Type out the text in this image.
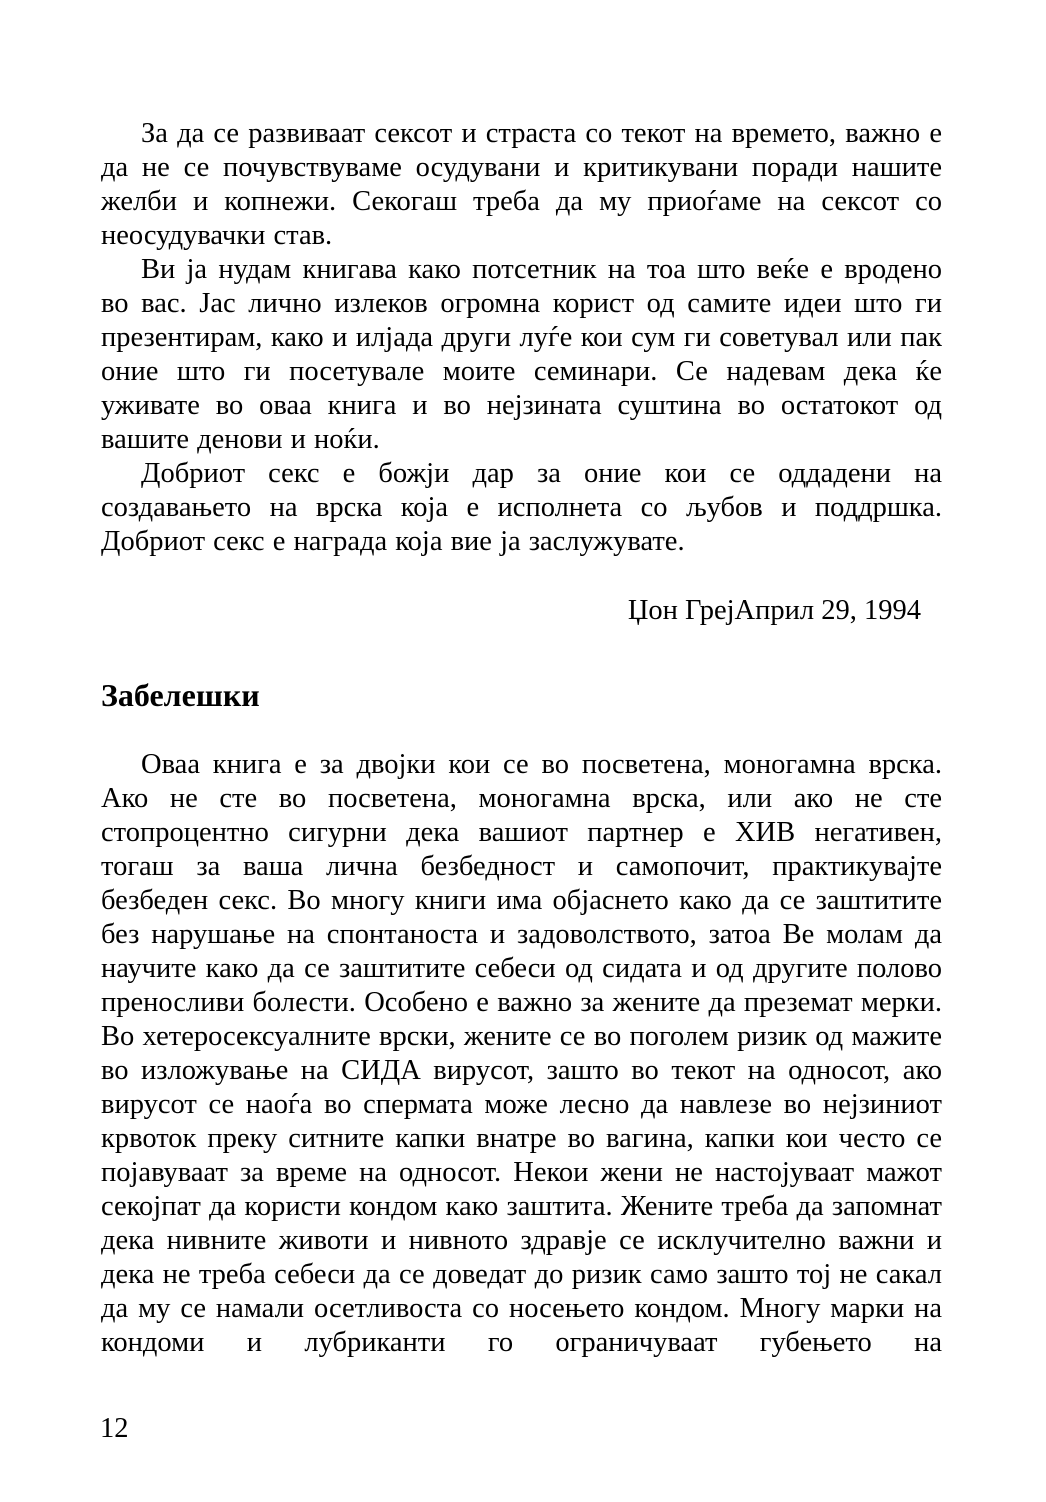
За да се развиваат сексот и страста со текот на времето, важно е да не се почувствуваме осудувани и критикувани поради нашите желби и копнежи. Секогаш треба да му приоѓаме на сексот со неосудувачки став.

Ви ја нудам книгава како потсетник на тоа што веќе е вродено во вас. Јас лично излеков огромна корист од самите идеи што ги презентирам, како и илјада други луѓе кои сум ги советувал или пак оние што ги посетувале моите семинари. Се надевам дека ќе уживате во оваа книга и во нејзината суштина во остатокот од вашите денови и ноќи.

Добриот секс е божји дар за оние кои се оддадени на создавањето на врска која е исполнета со љубов и поддршка. Добриот секс е награда која вие ја заслужувате.

Џон ГрејАприл 29, 1994

Забелешки

Оваа книга е за двојки кои се во посветена, моногамна врска. Ако не сте во посветена, моногамна врска, или ако не сте стопроцентно сигурни дека вашиот партнер е ХИВ негативен, тогаш за ваша лична безбедност и самопочит, практикувајте безбеден секс. Во многу книги има објаснето како да се заштитите без нарушање на спонтаноста и задоволството, затоа Ве молам да научите како да се заштитите себеси од сидата и од другите полово преносливи болести. Особено е важно за жените да преземат мерки. Во хетеросексуалните врски, жените се во поголем ризик од мажите во изложување на СИДА вирусот, зашто во текот на односот, ако вирусот се наоѓа во спермата може лесно да навлезе во нејзиниот крвоток преку ситните капки внатре во вагина, капки кои често се појавуваат за време на односот. Некои жени не настојуваат мажот секојпат да користи кондом како заштита. Жените треба да запомнат дека нивните животи и нивното здравје се исклучително важни и дека не треба себеси да се доведат до ризик само зашто тој не сакал да му се намали осетливоста со носењето кондом. Многу марки на кондоми и лубриканти го ограничуваат губењето на

12
